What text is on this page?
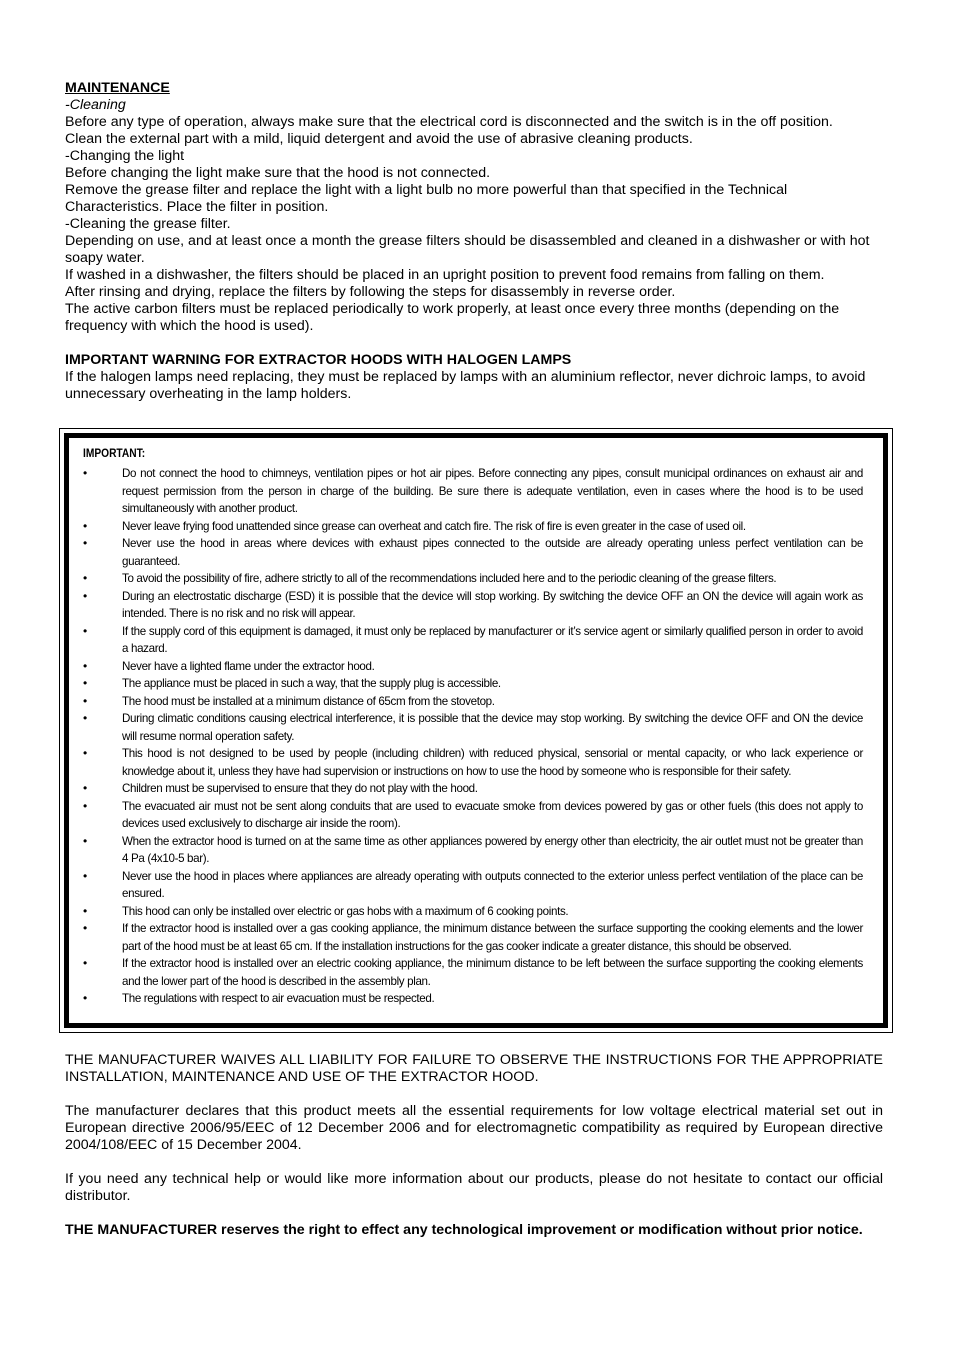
MAINTENANCE
-Cleaning

Before any type of operation, always make sure that the electrical cord is disconnected and the switch is in the off position.

Clean the external part with a mild, liquid detergent and avoid the use of abrasive cleaning products.

-Changing the light

Before changing the light make sure that the hood is not connected.

Remove the grease filter and replace the light with a light bulb no more powerful than that specified in the Technical Characteristics. Place the filter in position.

-Cleaning the grease filter.

Depending on use, and at least once a month the grease filters should be disassembled and cleaned in a dishwasher or with hot soapy water.

If washed in a dishwasher, the filters should be placed in an upright position to prevent food remains from falling on them.

After rinsing and drying, replace the filters by following the steps for disassembly in reverse order.

The active carbon filters must be replaced periodically to work properly, at least once every three months (depending on the frequency with which the hood is used).

IMPORTANT WARNING FOR EXTRACTOR HOODS WITH HALOGEN LAMPS

If the halogen lamps need replacing, they must be replaced by lamps with an aluminium reflector, never dichroic lamps, to avoid unnecessary overheating in the lamp holders.

IMPORTANT:
•	Do not connect the hood to chimneys, ventilation pipes or hot air pipes. Before connecting any pipes, consult municipal ordinances on exhaust air and request permission from the person in charge of the building. Be sure there is adequate ventilation, even in cases where the hood is to be used simultaneously with another product.
•	Never leave frying food unattended since grease can overheat and catch fire. The risk of fire is even greater in the case of used oil.
•	Never use the hood in areas where devices with exhaust pipes connected to the outside are already operating unless perfect ventilation can be guaranteed.
•	To avoid the possibility of fire, adhere strictly to all of the recommendations included here and to the periodic cleaning of the grease filters.
•	During an electrostatic discharge (ESD) it is possible that the device will stop working. By switching the device OFF an ON the device will again work as intended. There is no risk and no risk will appear.
•	If the supply cord of this equipment is damaged, it must only be replaced by manufacturer or it’s service agent or similarly qualified person in order to avoid a hazard.
•	Never have a lighted flame under the extractor hood.
•	The appliance must be placed in such a way, that the supply plug is accessible.
•	The hood must be installed at a minimum distance of 65cm from the stovetop.
•	During climatic conditions causing electrical interference, it is possible that the device may stop working. By switching the device OFF and ON the device will resume normal operation safety.
•	This hood is not designed to be used by people (including children) with reduced physical, sensorial or mental capacity, or who lack experience or knowledge about it, unless they have had supervision or instructions on how to use the hood by someone who is responsible for their safety.
•	Children must be supervised to ensure that they do not play with the hood.
•	The evacuated air must not be sent along conduits that are used to evacuate smoke from devices powered by gas or other fuels (this does not apply to devices used exclusively to discharge air inside the room).
•	When the extractor hood is turned on at the same time as other appliances powered by energy other than electricity, the air outlet must not be greater than 4 Pa (4x10-5 bar).
•	Never use the hood in places where appliances are already operating with outputs connected to the exterior unless perfect ventilation of the place can be ensured.
•	This hood can only be installed over electric or gas hobs with a maximum of 6 cooking points.
•	If the extractor hood is installed over a gas cooking appliance, the minimum distance between the surface supporting the cooking elements and the lower part of the hood must be at least 65 cm. If the installation instructions for the gas cooker indicate a greater distance, this should be observed.
•	If the extractor hood is installed over an electric cooking appliance, the minimum distance to be left between the surface supporting the cooking elements and the lower part of the hood is described in the assembly plan.
•	The regulations with respect to air evacuation must be respected.

THE MANUFACTURER WAIVES ALL LIABILITY FOR FAILURE TO OBSERVE THE INSTRUCTIONS FOR THE APPROPRIATE INSTALLATION, MAINTENANCE AND USE OF THE EXTRACTOR HOOD.

The manufacturer declares that this product meets all the essential requirements for low voltage electrical material set out in European directive 2006/95/EEC of 12 December 2006 and for electromagnetic compatibility as required by European directive 2004/108/EEC of 15 December 2004.

If you need any technical help or would like more information about our products, please do not hesitate to contact our official distributor.

THE MANUFACTURER reserves the right to effect any technological improvement or modification without prior notice.
